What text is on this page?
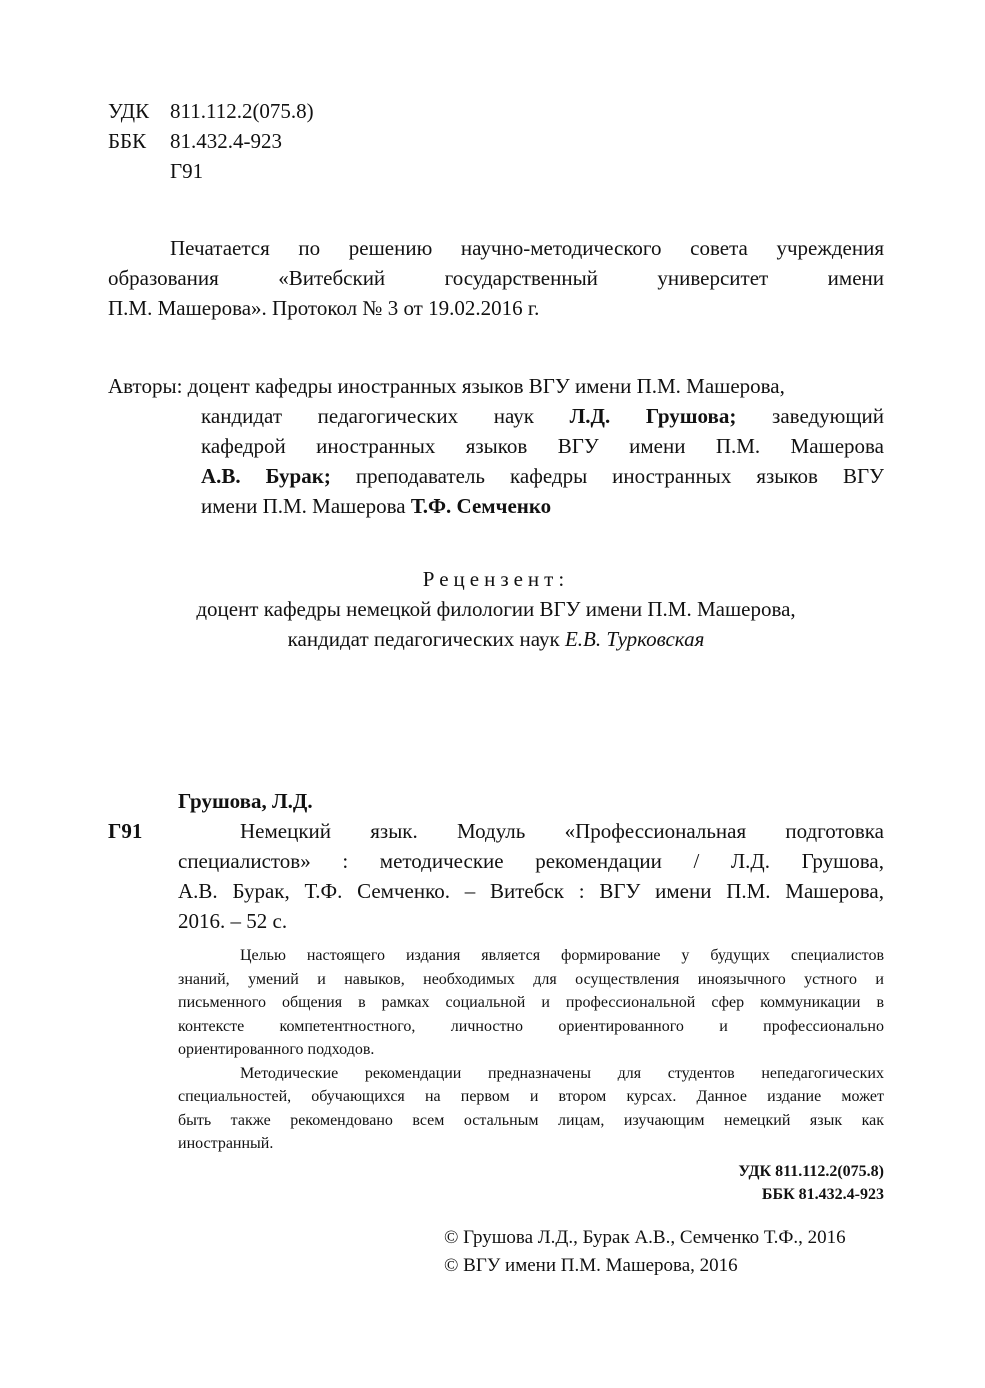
УДК 811.112.2(075.8)
ББК 81.432.4-923
Г91
Печатается по решению научно-методического совета учреждения
образования «Витебский государственный университет имени
П.М. Машерова». Протокол № 3 от 19.02.2016 г.
Авторы: доцент кафедры иностранных языков ВГУ имени П.М. Машерова,
кандидат педагогических наук Л.Д. Грушова; заведующий
кафедрой иностранных языков ВГУ имени П.М. Машерова
А.В. Бурак; преподаватель кафедры иностранных языков ВГУ
имени П.М. Машерова Т.Ф. Семченко
Рецензент:
доцент кафедры немецкой филологии ВГУ имени П.М. Машерова,
кандидат педагогических наук Е.В. Турковская
Грушова, Л.Д.
Г91	Немецкий язык. Модуль «Профессиональная подготовка
специалистов» : методические рекомендации / Л.Д. Грушова,
А.В. Бурак, Т.Ф. Семченко. – Витебск : ВГУ имени П.М. Машерова,
2016. – 52 с.
Целью настоящего издания является формирование у будущих специалистов
знаний, умений и навыков, необходимых для осуществления иноязычного устного и
письменного общения в рамках социальной и профессиональной сфер коммуникации в
контексте компетентностного, личностно ориентированного и профессионально
ориентированного подходов.
Методические рекомендации предназначены для студентов непедагогических
специальностей, обучающихся на первом и втором курсах. Данное издание может
быть также рекомендовано всем остальным лицам, изучающим немецкий язык как
иностранный.
УДК 811.112.2(075.8)
ББК 81.432.4-923
© Грушова Л.Д., Бурак А.В., Семченко Т.Ф., 2016
© ВГУ имени П.М. Машерова, 2016
